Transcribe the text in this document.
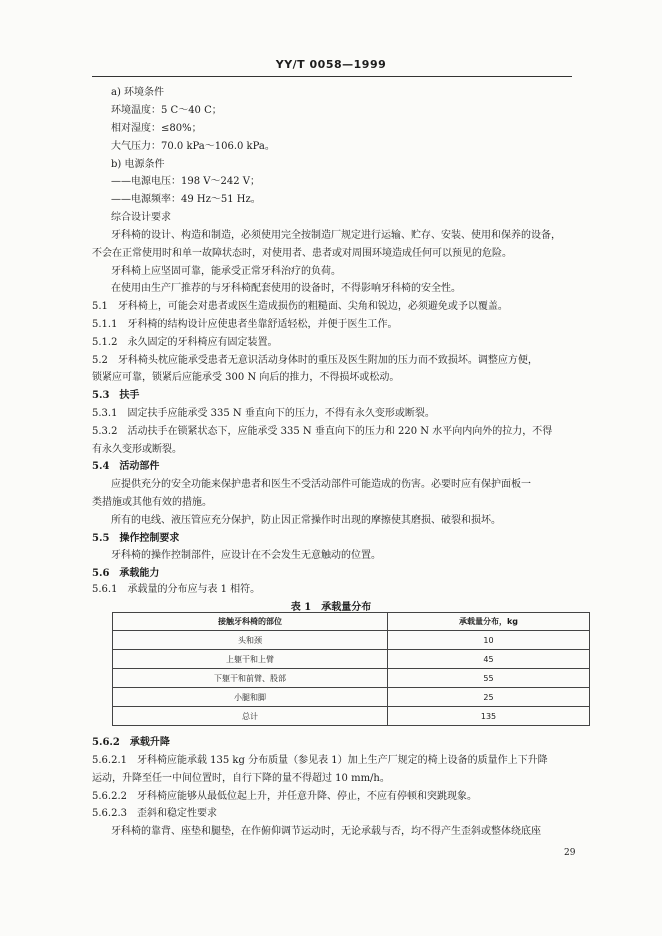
YY/T 0058—1999
a) 环境条件
环境温度：5 C～40 C；
相对湿度：≤80%；
大气压力：70.0 kPa～106.0 kPa。
b) 电源条件
——电源电压：198 V～242 V；
——电源频率：49 Hz～51 Hz。
综合设计要求
牙科椅的设计、构造和制造，必须使用完全按制造厂规定进行运输、贮存、安装、使用和保养的设备，
不会在正常使用时和单一故障状态时，对使用者、患者或对周围环境造成任何可以预见的危险。
牙科椅上应坚固可靠，能承受正常牙科治疗的负荷。
在使用由生产厂推荐的与牙科椅配套使用的设备时，不得影响牙科椅的安全性。
5.1　牙科椅上，可能会对患者或医生造成损伤的粗糙面、尖角和锐边，必须避免或予以覆盖。
5.1.1　牙科椅的结构设计应使患者坐靠舒适轻松，并便于医生工作。
5.1.2　永久固定的牙科椅应有固定装置。
5.2　牙科椅头枕应能承受患者无意识活动身体时的重压及医生附加的压力而不致损坏。调整应方便，
锁紧应可靠，锁紧后应能承受 300 N 向后的推力，不得损坏或松动。
5.3　扶手
5.3.1　固定扶手应能承受 335 N 垂直向下的压力，不得有永久变形或断裂。
5.3.2　活动扶手在锁紧状态下，应能承受 335 N 垂直向下的压力和 220 N 水平向内向外的拉力，不得
有永久变形或断裂。
5.4　活动部件
应提供充分的安全功能来保护患者和医生不受活动部件可能造成的伤害。必要时应有保护面板一
类措施或其他有效的措施。
所有的电线、液压管应充分保护，防止因正常操作时出现的摩擦使其磨损、破裂和损坏。
5.5　操作控制要求
牙科椅的操作控制部件，应设计在不会发生无意触动的位置。
5.6　承载能力
5.6.1　承载量的分布应与表 1 相符。
表 1　承载量分布
接触牙科椅的部位	承载量分布，kg
头和颈	10
上躯干和上臂	45
下躯干和前臂、股部	55
小腿和脚	25
总计	135
5.6.2　承载升降
5.6.2.1　牙科椅应能承载 135 kg 分布质量（参见表 1）加上生产厂规定的椅上设备的质量作上下升降
运动，升降至任一中间位置时，自行下降的量不得超过 10 mm/h。
5.6.2.2　牙科椅应能够从最低位起上升，并任意升降、停止，不应有停顿和突跳现象。
5.6.2.3　歪斜和稳定性要求
牙科椅的靠背、座垫和腿垫，在作俯仰调节运动时，无论承载与否，均不得产生歪斜或整体绕底座
29
